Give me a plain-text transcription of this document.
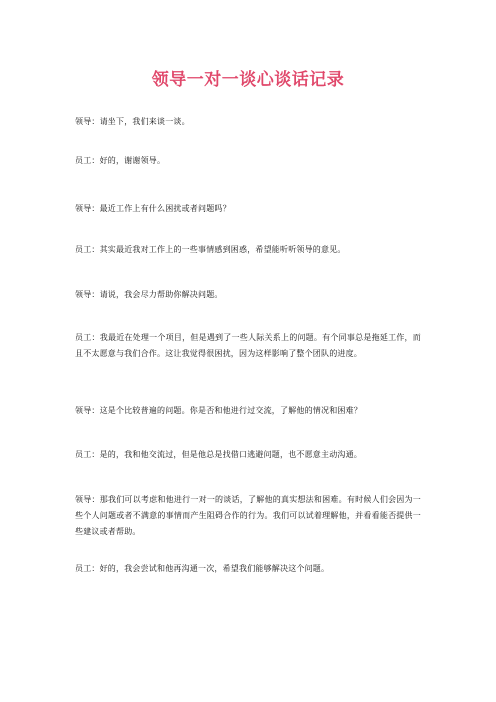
领导一对一谈心谈话记录

领导：请坐下，我们来谈一谈。

员工：好的，谢谢领导。

领导：最近工作上有什么困扰或者问题吗？

员工：其实最近我对工作上的一些事情感到困惑，希望能听听领导的意见。

领导：请说，我会尽力帮助你解决问题。

员工：我最近在处理一个项目，但是遇到了一些人际关系上的问题。有个同事总是拖延工作，而且不太愿意与我们合作。这让我觉得很困扰，因为这样影响了整个团队的进度。

领导：这是个比较普遍的问题。你是否和他进行过交流，了解他的情况和困难？

员工：是的，我和他交流过，但是他总是找借口逃避问题，也不愿意主动沟通。

领导：那我们可以考虑和他进行一对一的谈话，了解他的真实想法和困难。有时候人们会因为一些个人问题或者不满意的事情而产生阻碍合作的行为。我们可以试着理解他，并看看能否提供一些建议或者帮助。

员工：好的，我会尝试和他再沟通一次，希望我们能够解决这个问题。
